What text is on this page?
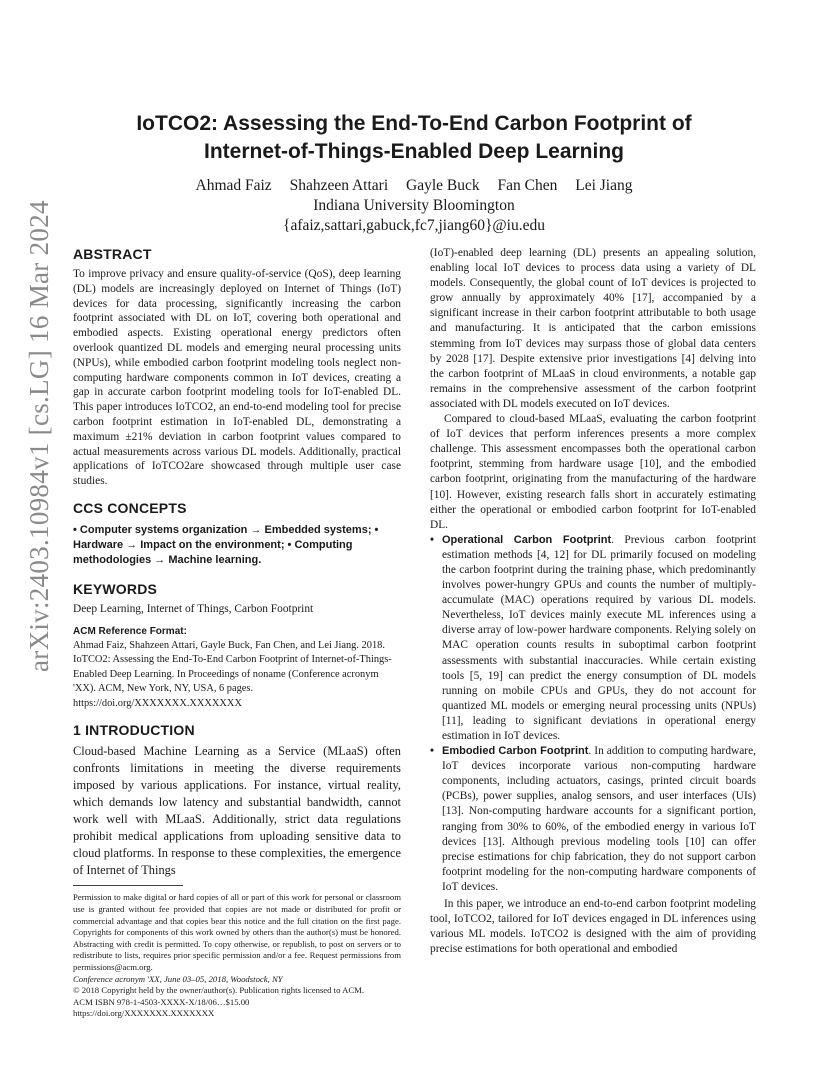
arXiv:2403.10984v1 [cs.LG] 16 Mar 2024
IoTCO2: Assessing the End-To-End Carbon Footprint of
Internet-of-Things-Enabled Deep Learning
Ahmad Faiz Shahzeen Attari Gayle Buck Fan Chen Lei Jiang
Indiana University Bloomington
{afaiz,sattari,gabuck,fc7,jiang60}@iu.edu
ABSTRACT

To improve privacy and ensure quality-of-service (QoS), deep learning (DL) models are increasingly deployed on Internet of Things (IoT) devices for data processing, significantly increasing the carbon footprint associated with DL on IoT, covering both operational and embodied aspects. Existing operational energy predictors often overlook quantized DL models and emerging neural processing units (NPUs), while embodied carbon footprint modeling tools neglect non-computing hardware components common in IoT devices, creating a gap in accurate carbon footprint modeling tools for IoT-enabled DL. This paper introduces IoTCO2, an end-to-end modeling tool for precise carbon footprint estimation in IoT-enabled DL, demonstrating a maximum ±21% deviation in carbon footprint values compared to actual measurements across various DL models. Additionally, practical applications of IoTCO2are showcased through multiple user case studies.

CCS CONCEPTS

• Computer systems organization → Embedded systems; • Hardware → Impact on the environment; • Computing methodologies → Machine learning.

KEYWORDS

Deep Learning, Internet of Things, Carbon Footprint

ACM Reference Format:

Ahmad Faiz, Shahzeen Attari, Gayle Buck, Fan Chen, and Lei Jiang. 2018. IoTCO2: Assessing the End-To-End Carbon Footprint of Internet-of-Things-Enabled Deep Learning. In Proceedings of noname (Conference acronym 'XX). ACM, New York, NY, USA, 6 pages. https://doi.org/XXXXXXX.XXXXXXX

1 INTRODUCTION

Cloud-based Machine Learning as a Service (MLaaS) often confronts limitations in meeting the diverse requirements imposed by various applications. For instance, virtual reality, which demands low latency and substantial bandwidth, cannot work well with MLaaS. Additionally, strict data regulations prohibit medical applications from uploading sensitive data to cloud platforms. In response to these complexities, the emergence of Internet of Things

Permission to make digital or hard copies of all or part of this work for personal or classroom use is granted without fee provided that copies are not made or distributed for profit or commercial advantage and that copies bear this notice and the full citation on the first page. Copyrights for components of this work owned by others than the author(s) must be honored. Abstracting with credit is permitted. To copy otherwise, or republish, to post on servers or to redistribute to lists, requires prior specific permission and/or a fee. Request permissions from permissions@acm.org.

Conference acronym 'XX, June 03–05, 2018, Woodstock, NY

© 2018 Copyright held by the owner/author(s). Publication rights licensed to ACM.

ACM ISBN 978-1-4503-XXXX-X/18/06…$15.00

https://doi.org/XXXXXXX.XXXXXXX

(IoT)-enabled deep learning (DL) presents an appealing solution, enabling local IoT devices to process data using a variety of DL models. Consequently, the global count of IoT devices is projected to grow annually by approximately 40% [17], accompanied by a significant increase in their carbon footprint attributable to both usage and manufacturing. It is anticipated that the carbon emissions stemming from IoT devices may surpass those of global data centers by 2028 [17]. Despite extensive prior investigations [4] delving into the carbon footprint of MLaaS in cloud environments, a notable gap remains in the comprehensive assessment of the carbon footprint associated with DL models executed on IoT devices.

Compared to cloud-based MLaaS, evaluating the carbon footprint of IoT devices that perform inferences presents a more complex challenge. This assessment encompasses both the operational carbon footprint, stemming from hardware usage [10], and the embodied carbon footprint, originating from the manufacturing of the hardware [10]. However, existing research falls short in accurately estimating either the operational or embodied carbon footprint for IoT-enabled DL.

• Operational Carbon Footprint. Previous carbon footprint estimation methods [4, 12] for DL primarily focused on modeling the carbon footprint during the training phase, which predominantly involves power-hungry GPUs and counts the number of multiply-accumulate (MAC) operations required by various DL models. Nevertheless, IoT devices mainly execute ML inferences using a diverse array of low-power hardware components. Relying solely on MAC operation counts results in suboptimal carbon footprint assessments with substantial inaccuracies. While certain existing tools [5, 19] can predict the energy consumption of DL models running on mobile CPUs and GPUs, they do not account for quantized ML models or emerging neural processing units (NPUs) [11], leading to significant deviations in operational energy estimation in IoT devices.
• Embodied Carbon Footprint. In addition to computing hardware, IoT devices incorporate various non-computing hardware components, including actuators, casings, printed circuit boards (PCBs), power supplies, analog sensors, and user interfaces (UIs) [13]. Non-computing hardware accounts for a significant portion, ranging from 30% to 60%, of the embodied energy in various IoT devices [13]. Although previous modeling tools [10] can offer precise estimations for chip fabrication, they do not support carbon footprint modeling for the non-computing hardware components of IoT devices.

In this paper, we introduce an end-to-end carbon footprint modeling tool, IoTCO2, tailored for IoT devices engaged in DL inferences using various ML models. IoTCO2 is designed with the aim of providing precise estimations for both operational and embodied
